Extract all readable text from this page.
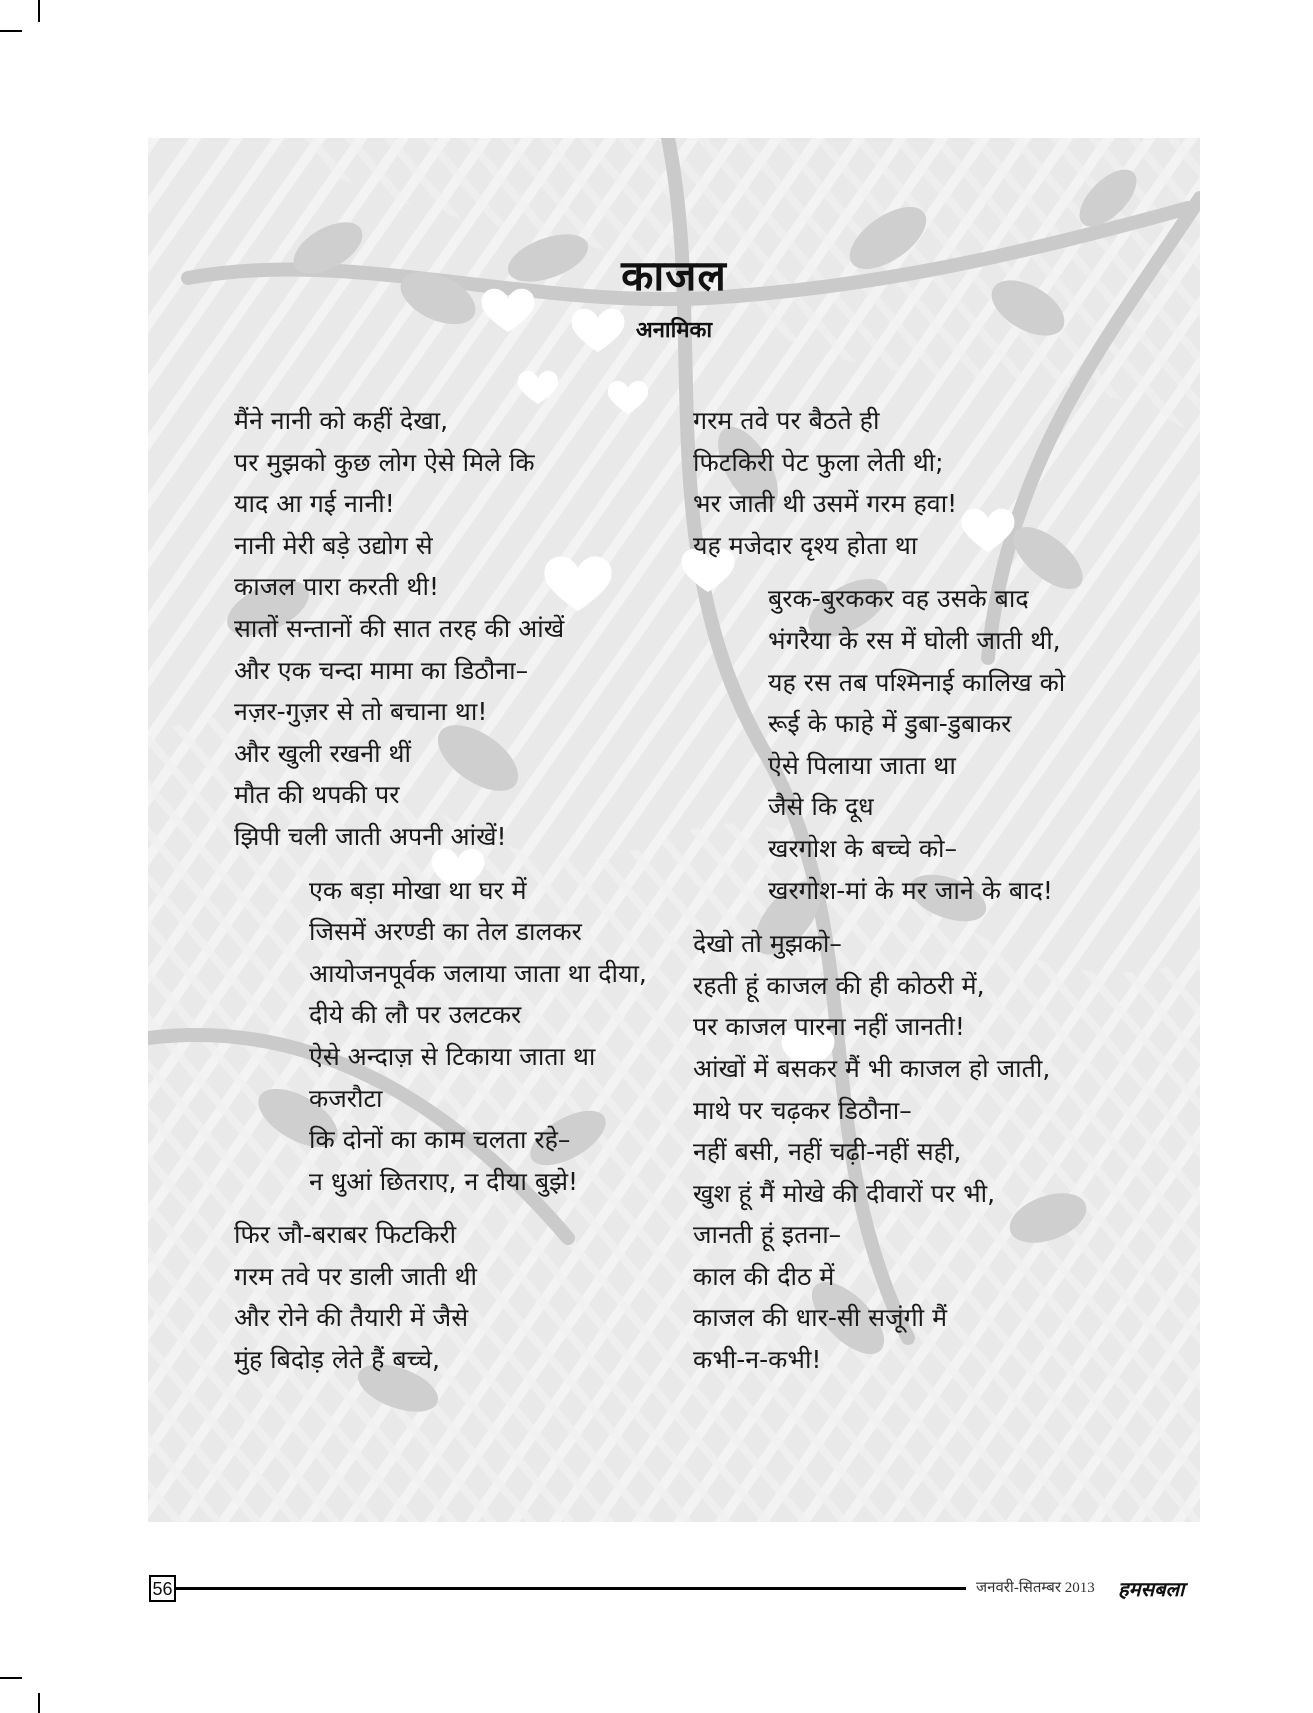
काजल
अनामिका
मैंने नानी को कहीं देखा,
पर मुझको कुछ लोग ऐसे मिले कि
याद आ गई नानी!
नानी मेरी बड़े उद्योग से
काजल पारा करती थी!
सातों सन्तानों की सात तरह की आंखें
और एक चन्दा मामा का डिठौना–
नज़र-गुज़र से तो बचाना था!
और खुली रखनी थीं
मौत की थपकी पर
झिपी चली जाती अपनी आंखें!
एक बड़ा मोखा था घर में
जिसमें अरण्डी का तेल डालकर
आयोजनपूर्वक जलाया जाता था दीया,
दीये की लौ पर उलटकर
ऐसे अन्दाज़ से टिकाया जाता था
कजरौटा
कि दोनों का काम चलता रहे–
न धुआं छितराए, न दीया बुझे!
फिर जौ-बराबर फिटकिरी
गरम तवे पर डाली जाती थी
और रोने की तैयारी में जैसे
मुंह बिदोड़ लेते हैं बच्चे,
गरम तवे पर बैठते ही
फिटकिरी पेट फुला लेती थी;
भर जाती थी उसमें गरम हवा!
यह मजेदार दृश्य होता था
बुरक-बुरककर वह उसके बाद
भंगरैया के रस में घोली जाती थी,
यह रस तब पश्मिनाई कालिख को
रूई के फाहे में डुबा-डुबाकर
ऐसे पिलाया जाता था
जैसे कि दूध
खरगोश के बच्चे को–
खरगोश-मां के मर जाने के बाद!
देखो तो मुझको–
रहती हूं काजल की ही कोठरी में,
पर काजल पारना नहीं जानती!
आंखों में बसकर मैं भी काजल हो जाती,
माथे पर चढ़कर डिठौना–
नहीं बसी, नहीं चढ़ी-नहीं सही,
खुश हूं मैं मोखे की दीवारों पर भी,
जानती हूं इतना–
काल की दीठ में
काजल की धार-सी सजूंगी मैं
कभी-न-कभी!
56	जनवरी-सितम्बर 2013 हमसबला
